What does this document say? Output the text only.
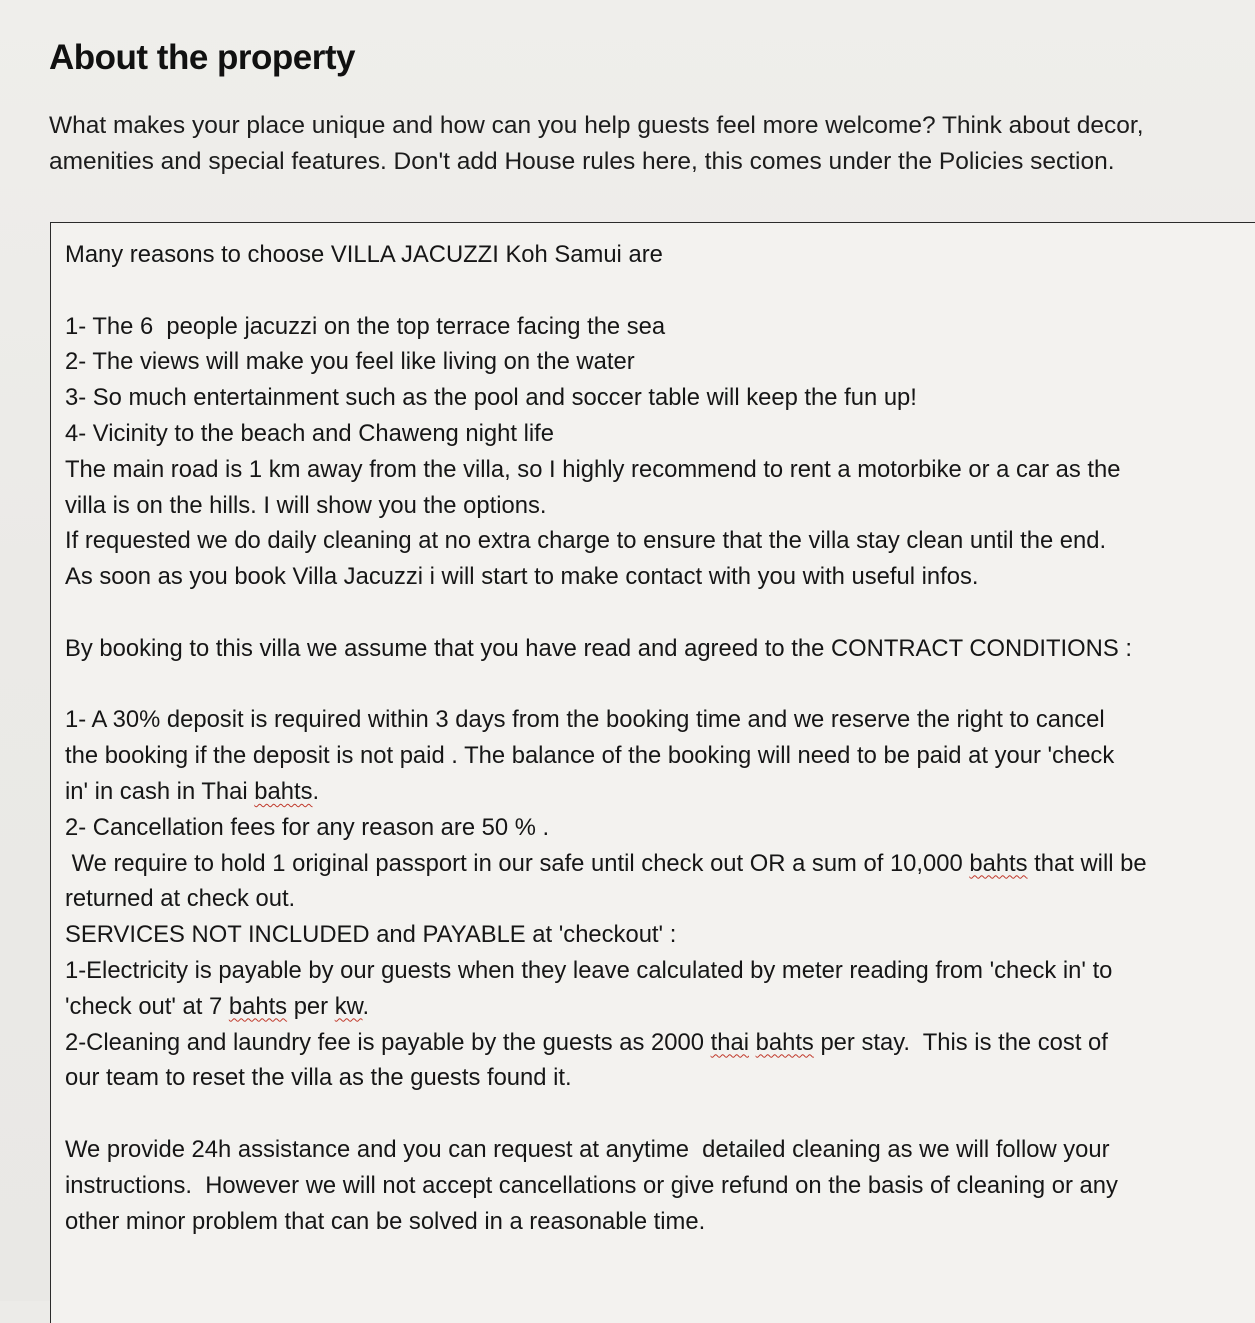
About the property

What makes your place unique and how can you help guests feel more welcome? Think about decor,
amenities and special features. Don't add House rules here, this comes under the Policies section.

Many reasons to choose VILLA JACUZZI Koh Samui are
1- The 6  people jacuzzi on the top terrace facing the sea
2- The views will make you feel like living on the water
3- So much entertainment such as the pool and soccer table will keep the fun up!
4- Vicinity to the beach and Chaweng night life
The main road is 1 km away from the villa, so I highly recommend to rent a motorbike or a car as the
villa is on the hills. I will show you the options.
If requested we do daily cleaning at no extra charge to ensure that the villa stay clean until the end.
As soon as you book Villa Jacuzzi i will start to make contact with you with useful infos.
By booking to this villa we assume that you have read and agreed to the CONTRACT CONDITIONS :
1- A 30% deposit is required within 3 days from the booking time and we reserve the right to cancel
the booking if the deposit is not paid . The balance of the booking will need to be paid at your 'check
in' in cash in Thai bahts.
2- Cancellation fees for any reason are 50 % .
We require to hold 1 original passport in our safe until check out OR a sum of 10,000 bahts that will be
returned at check out.
SERVICES NOT INCLUDED and PAYABLE at 'checkout' :
1-Electricity is payable by our guests when they leave calculated by meter reading from 'check in' to
'check out' at 7 bahts per kw.
2-Cleaning and laundry fee is payable by the guests as 2000 thai bahts per stay.  This is the cost of
our team to reset the villa as the guests found it.
We provide 24h assistance and you can request at anytime  detailed cleaning as we will follow your
instructions.  However we will not accept cancellations or give refund on the basis of cleaning or any
other minor problem that can be solved in a reasonable time.
